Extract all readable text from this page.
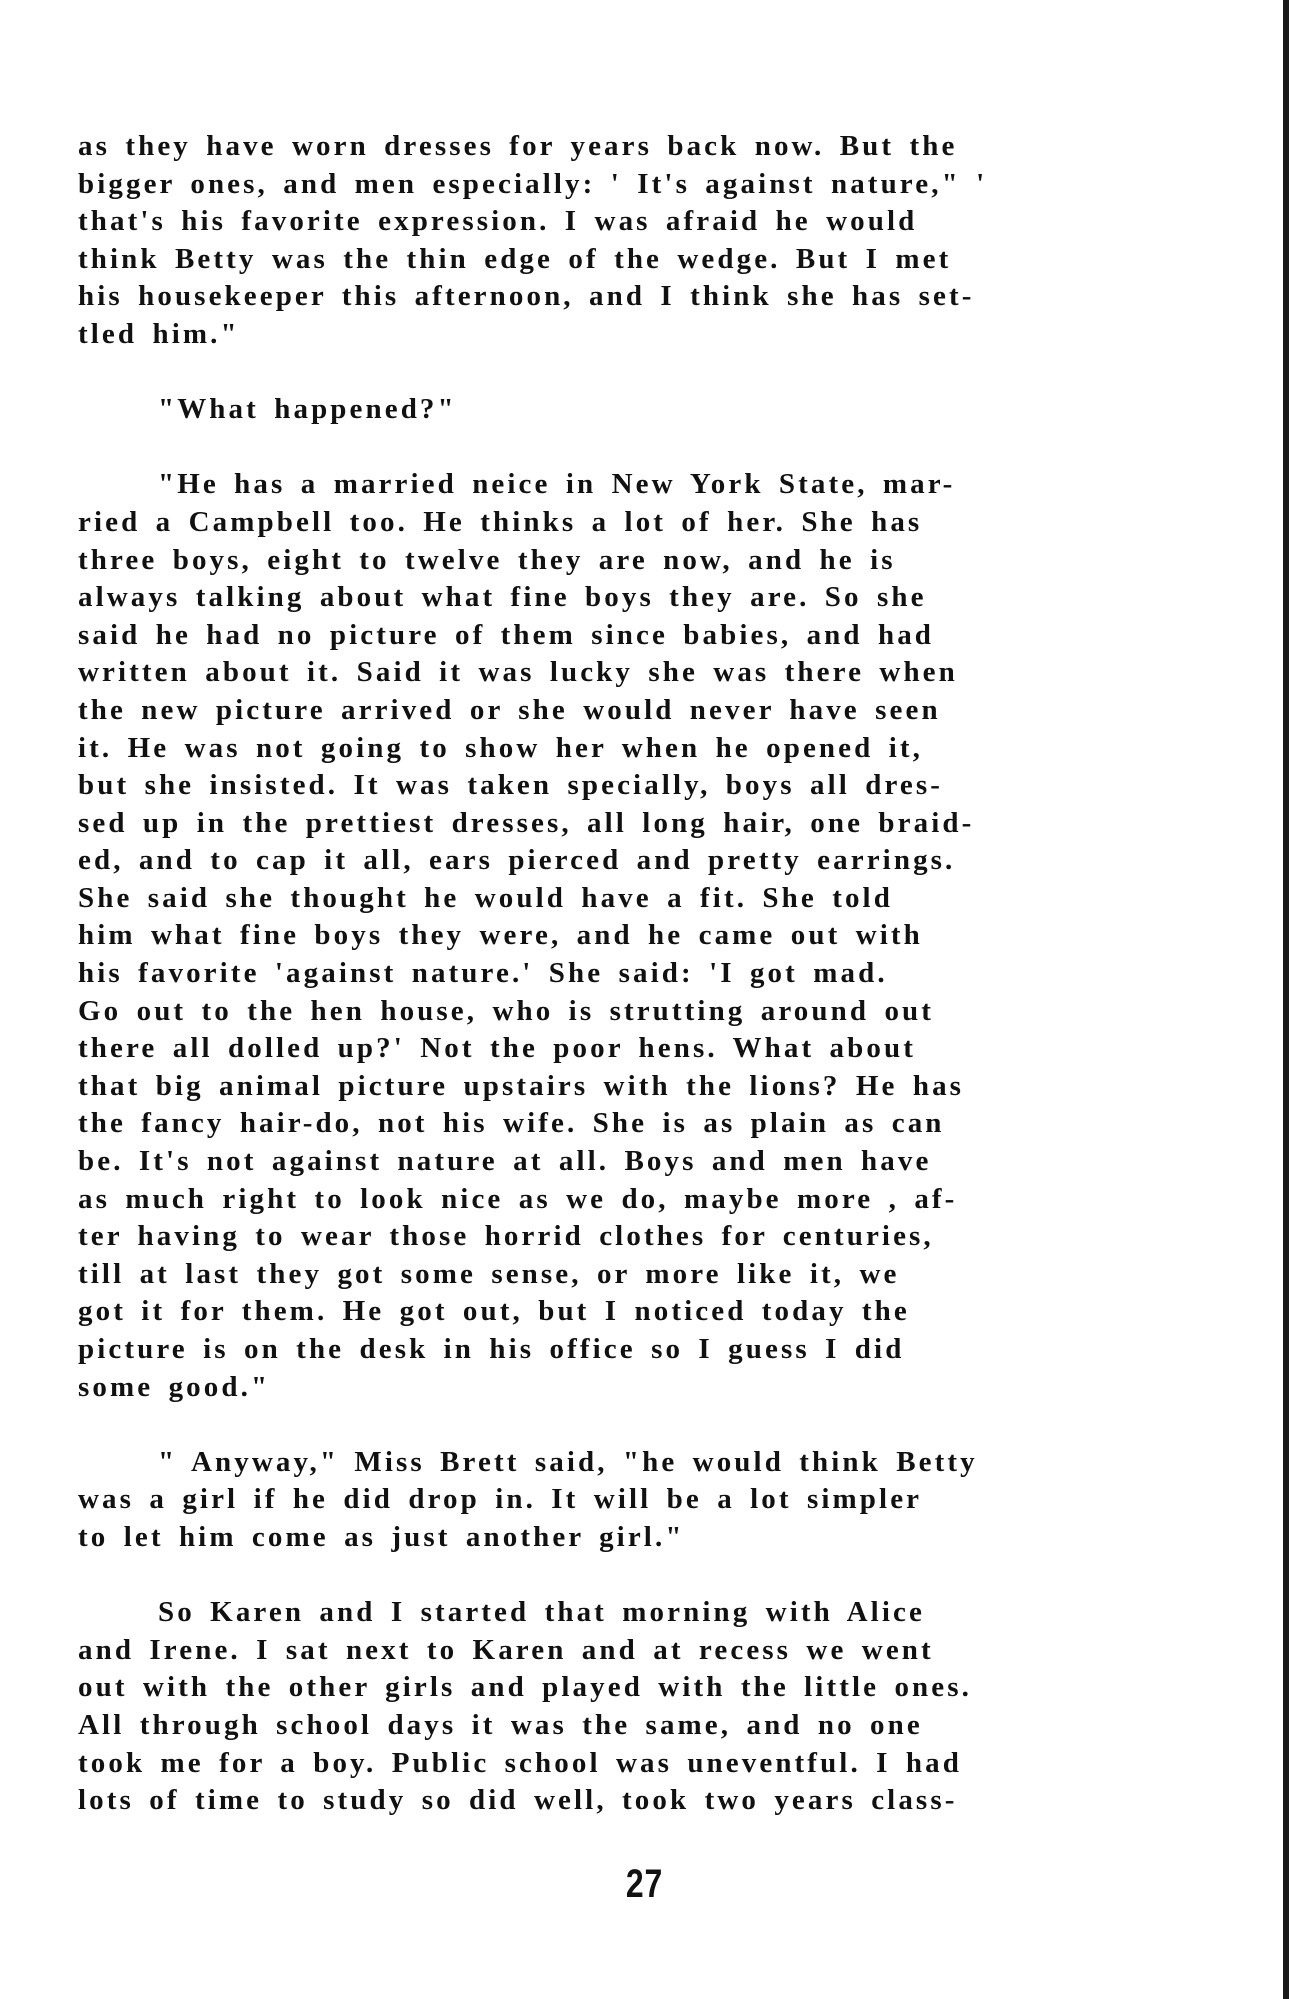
as they have worn dresses for years back now. But the
bigger ones, and men especially: ' It's against nature," '
that's his favorite expression. I was afraid he would
think Betty was the thin edge of the wedge. But I met
his housekeeper this afternoon, and I think she has set-
tled him."
"What happened?"
"He has a married neice in New York State, mar-
ried a Campbell too. He thinks a lot of her. She has
three boys, eight to twelve they are now, and he is
always talking about what fine boys they are. So she
said he had no picture of them since babies, and had
written about it. Said it was lucky she was there when
the new picture arrived or she would never have seen
it. He was not going to show her when he opened it,
but she insisted. It was taken specially, boys all dres-
sed up in the prettiest dresses, all long hair, one braid-
ed, and to cap it all, ears pierced and pretty earrings.
She said she thought he would have a fit. She told
him what fine boys they were, and he came out with
his favorite 'against nature.' She said: 'I got mad.
Go out to the hen house, who is strutting around out
there all dolled up?' Not the poor hens. What about
that big animal picture upstairs with the lions? He has
the fancy hair-do, not his wife. She is as plain as can
be. It's not against nature at all. Boys and men have
as much right to look nice as we do, maybe more , af-
ter having to wear those horrid clothes for centuries,
till at last they got some sense, or more like it, we
got it for them. He got out, but I noticed today the
picture is on the desk in his office so I guess I did
some good."
" Anyway," Miss Brett said, "he would think Betty
was a girl if he did drop in. It will be a lot simpler
to let him come as just another girl."
So Karen and I started that morning with Alice
and Irene. I sat next to Karen and at recess we went
out with the other girls and played with the little ones.
All through school days it was the same, and no one
took me for a boy. Public school was uneventful. I had
lots of time to study so did well, took two years class-
27
